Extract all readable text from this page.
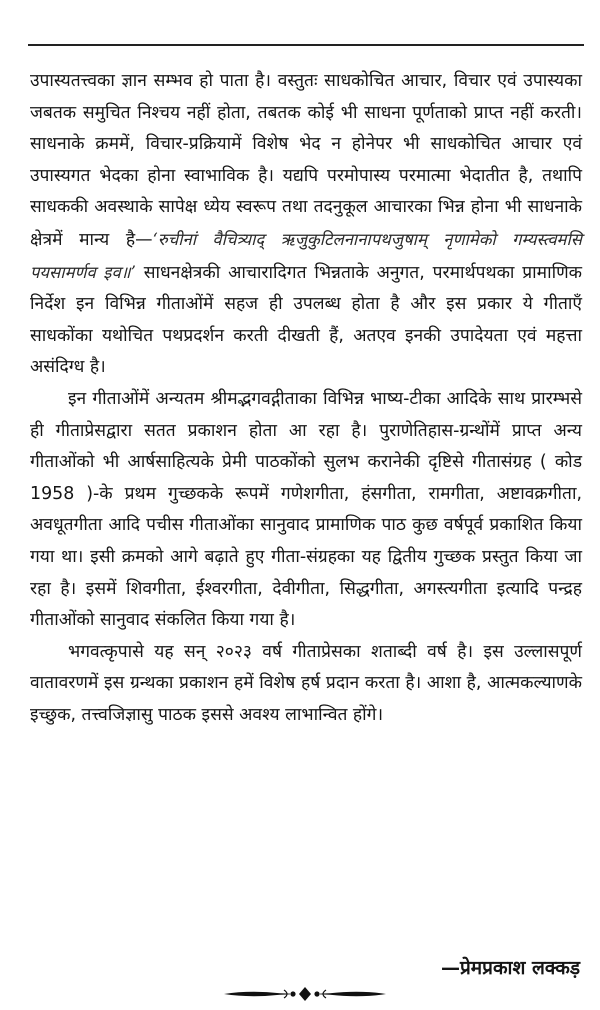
उपास्यतत्त्वका ज्ञान सम्भव हो पाता है। वस्तुतः साधकोचित आचार, विचार एवं उपास्यका जबतक समुचित निश्चय नहीं होता, तबतक कोई भी साधना पूर्णताको प्राप्त नहीं करती। साधनाके क्रममें, विचार-प्रक्रियामें विशेष भेद न होनेपर भी साधकोचित आचार एवं उपास्यगत भेदका होना स्वाभाविक है। यद्यपि परमोपास्य परमात्मा भेदातीत है, तथापि साधककी अवस्थाके सापेक्ष ध्येय स्वरूप तथा तदनुकूल आचारका भिन्न होना भी साधनाके क्षेत्रमें मान्य है—‘रुचीनां वैचित्र्याद् ऋजुकुटिलनानापथजुषाम् नृणामेको गम्यस्त्वमसि पयसामर्णव इव॥’ साधनक्षेत्रकी आचारादिगत भिन्नताके अनुगत, परमार्थपथका प्रामाणिक निर्देश इन विभिन्न गीताओंमें सहज ही उपलब्ध होता है और इस प्रकार ये गीताएँ साधकोंका यथोचित पथप्रदर्शन करती दीखती हैं, अतएव इनकी उपादेयता एवं महत्ता असंदिग्ध है।

इन गीताओंमें अन्यतम श्रीमद्भगवद्गीताका विभिन्न भाष्य-टीका आदिके साथ प्रारम्भसे ही गीताप्रेसद्वारा सतत प्रकाशन होता आ रहा है। पुराणेतिहास-ग्रन्थोंमें प्राप्त अन्य गीताओंको भी आर्षसाहित्यके प्रेमी पाठकोंको सुलभ करानेकी दृष्टिसे गीतासंग्रह ( कोड 1958 )-के प्रथम गुच्छकके रूपमें गणेशगीता, हंसगीता, रामगीता, अष्टावक्रगीता, अवधूतगीता आदि पचीस गीताओंका सानुवाद प्रामाणिक पाठ कुछ वर्षपूर्व प्रकाशित किया गया था। इसी क्रमको आगे बढ़ाते हुए गीता-संग्रहका यह द्वितीय गुच्छक प्रस्तुत किया जा रहा है। इसमें शिवगीता, ईश्वरगीता, देवीगीता, सिद्धगीता, अगस्त्यगीता इत्यादि पन्द्रह गीताओंको सानुवाद संकलित किया गया है।

भगवत्कृपासे यह सन् २०२३ वर्ष गीताप्रेसका शताब्दी वर्ष है। इस उल्लासपूर्ण वातावरणमें इस ग्रन्थका प्रकाशन हमें विशेष हर्ष प्रदान करता है। आशा है, आत्मकल्याणके इच्छुक, तत्त्वजिज्ञासु पाठक इससे अवश्य लाभान्वित होंगे।

—प्रेमप्रकाश लक्कड़
